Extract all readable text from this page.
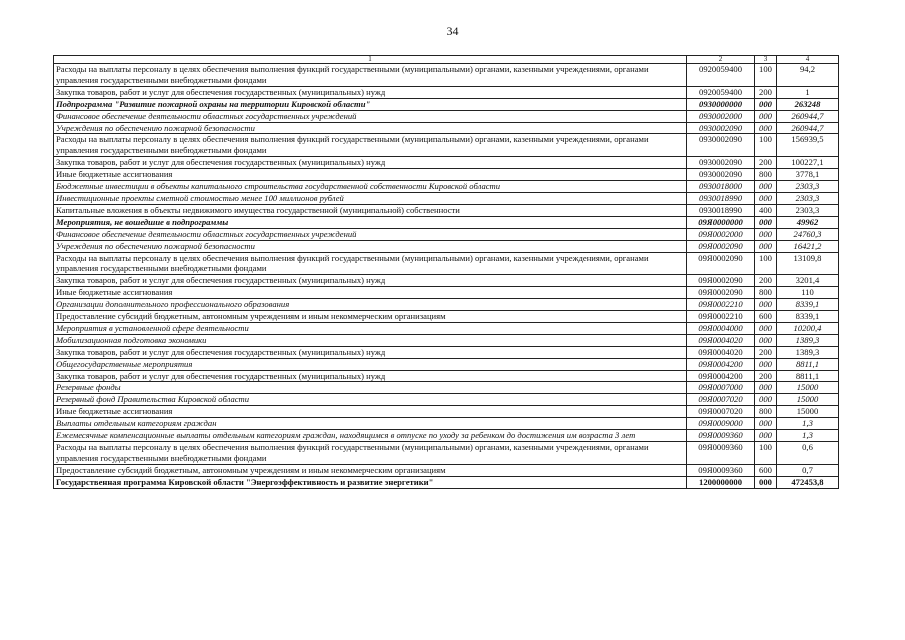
34
1	2	3	4
Расходы на выплаты персоналу в целях обеспечения выполнения функций государственными (муниципальными) органами, казенными учреждениями, органами управления государственными внебюджетными фондами	0920059400	100	94,2
Закупка товаров, работ и услуг для обеспечения государственных (муниципальных) нужд	0920059400	200	1
Подпрограмма "Развитие пожарной охраны на территории Кировской области"	0930000000	000	263248
Финансовое обеспечение деятельности областных государственных учреждений	0930002000	000	260944,7
Учреждения по обеспечению пожарной безопасности	0930002090	000	260944,7
Расходы на выплаты персоналу в целях обеспечения выполнения функций государственными (муниципальными) органами, казенными учреждениями, органами управления государственными внебюджетными фондами	0930002090	100	156939,5
Закупка товаров, работ и услуг для обеспечения государственных (муниципальных) нужд	0930002090	200	100227,1
Иные бюджетные ассигнования	0930002090	800	3778,1
Бюджетные инвестиции в объекты капитального строительства государственной собственности Кировской области	0930018000	000	2303,3
Инвестиционные проекты сметной стоимостью менее 100 миллионов рублей	0930018990	000	2303,3
Капитальные вложения в объекты недвижимого имущества государственной (муниципальной) собственности	0930018990	400	2303,3
Мероприятия, не вошедшие в подпрограммы	09Я0000000	000	49962
Финансовое обеспечение деятельности областных государственных учреждений	09Я0002000	000	24760,3
Учреждения по обеспечению пожарной безопасности	09Я0002090	000	16421,2
Расходы на выплаты персоналу в целях обеспечения выполнения функций государственными (муниципальными) органами, казенными учреждениями, органами управления государственными внебюджетными фондами	09Я0002090	100	13109,8
Закупка товаров, работ и услуг для обеспечения государственных (муниципальных) нужд	09Я0002090	200	3201,4
Иные бюджетные ассигнования	09Я0002090	800	110
Организации дополнительного профессионального образования	09Я0002210	000	8339,1
Предоставление субсидий бюджетным, автономным учреждениям и иным некоммерческим организациям	09Я0002210	600	8339,1
Мероприятия в установленной сфере деятельности	09Я0004000	000	10200,4
Мобилизационная подготовка экономики	09Я0004020	000	1389,3
Закупка товаров, работ и услуг для обеспечения государственных (муниципальных) нужд	09Я0004020	200	1389,3
Общегосударственные мероприятия	09Я0004200	000	8811,1
Закупка товаров, работ и услуг для обеспечения государственных (муниципальных) нужд	09Я0004200	200	8811,1
Резервные фонды	09Я0007000	000	15000
Резервный фонд Правительства Кировской области	09Я0007020	000	15000
Иные бюджетные ассигнования	09Я0007020	800	15000
Выплаты отдельным категориям граждан	09Я0009000	000	1,3
Ежемесячные компенсационные выплаты отдельным категориям граждан, находящимся в отпуске по уходу за ребенком до достижения им возраста 3 лет	09Я0009360	000	1,3
Расходы на выплаты персоналу в целях обеспечения выполнения функций государственными (муниципальными) органами, казенными учреждениями, органами управления государственными внебюджетными фондами	09Я0009360	100	0,6
Предоставление субсидий бюджетным, автономным учреждениям и иным некоммерческим организациям	09Я0009360	600	0,7
Государственная программа Кировской области "Энергоэффективность и развитие энергетики"	1200000000	000	472453,8
